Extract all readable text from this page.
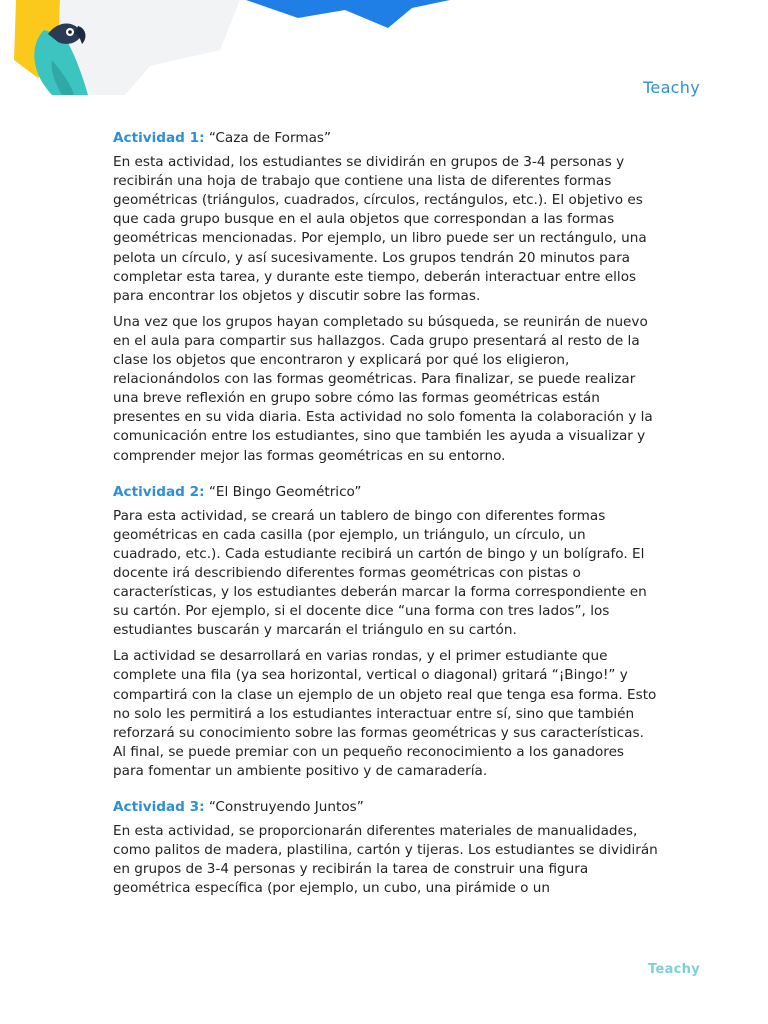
Teachy

Actividad 1: “Caza de Formas”

En esta actividad, los estudiantes se dividirán en grupos de 3-4 personas y recibirán una hoja de trabajo que contiene una lista de diferentes formas geométricas (triángulos, cuadrados, círculos, rectángulos, etc.). El objetivo es que cada grupo busque en el aula objetos que correspondan a las formas geométricas mencionadas. Por ejemplo, un libro puede ser un rectángulo, una pelota un círculo, y así sucesivamente. Los grupos tendrán 20 minutos para completar esta tarea, y durante este tiempo, deberán interactuar entre ellos para encontrar los objetos y discutir sobre las formas.

Una vez que los grupos hayan completado su búsqueda, se reunirán de nuevo en el aula para compartir sus hallazgos. Cada grupo presentará al resto de la clase los objetos que encontraron y explicará por qué los eligieron, relacionándolos con las formas geométricas. Para finalizar, se puede realizar una breve reflexión en grupo sobre cómo las formas geométricas están presentes en su vida diaria. Esta actividad no solo fomenta la colaboración y la comunicación entre los estudiantes, sino que también les ayuda a visualizar y comprender mejor las formas geométricas en su entorno.

Actividad 2: “El Bingo Geométrico”

Para esta actividad, se creará un tablero de bingo con diferentes formas geométricas en cada casilla (por ejemplo, un triángulo, un círculo, un cuadrado, etc.). Cada estudiante recibirá un cartón de bingo y un bolígrafo. El docente irá describiendo diferentes formas geométricas con pistas o características, y los estudiantes deberán marcar la forma correspondiente en su cartón. Por ejemplo, si el docente dice “una forma con tres lados”, los estudiantes buscarán y marcarán el triángulo en su cartón.

La actividad se desarrollará en varias rondas, y el primer estudiante que complete una fila (ya sea horizontal, vertical o diagonal) gritará “¡Bingo!” y compartirá con la clase un ejemplo de un objeto real que tenga esa forma. Esto no solo les permitirá a los estudiantes interactuar entre sí, sino que también reforzará su conocimiento sobre las formas geométricas y sus características. Al final, se puede premiar con un pequeño reconocimiento a los ganadores para fomentar un ambiente positivo y de camaradería.

Actividad 3: “Construyendo Juntos”

En esta actividad, se proporcionarán diferentes materiales de manualidades, como palitos de madera, plastilina, cartón y tijeras. Los estudiantes se dividirán en grupos de 3-4 personas y recibirán la tarea de construir una figura geométrica específica (por ejemplo, un cubo, una pirámide o un

Teachy
